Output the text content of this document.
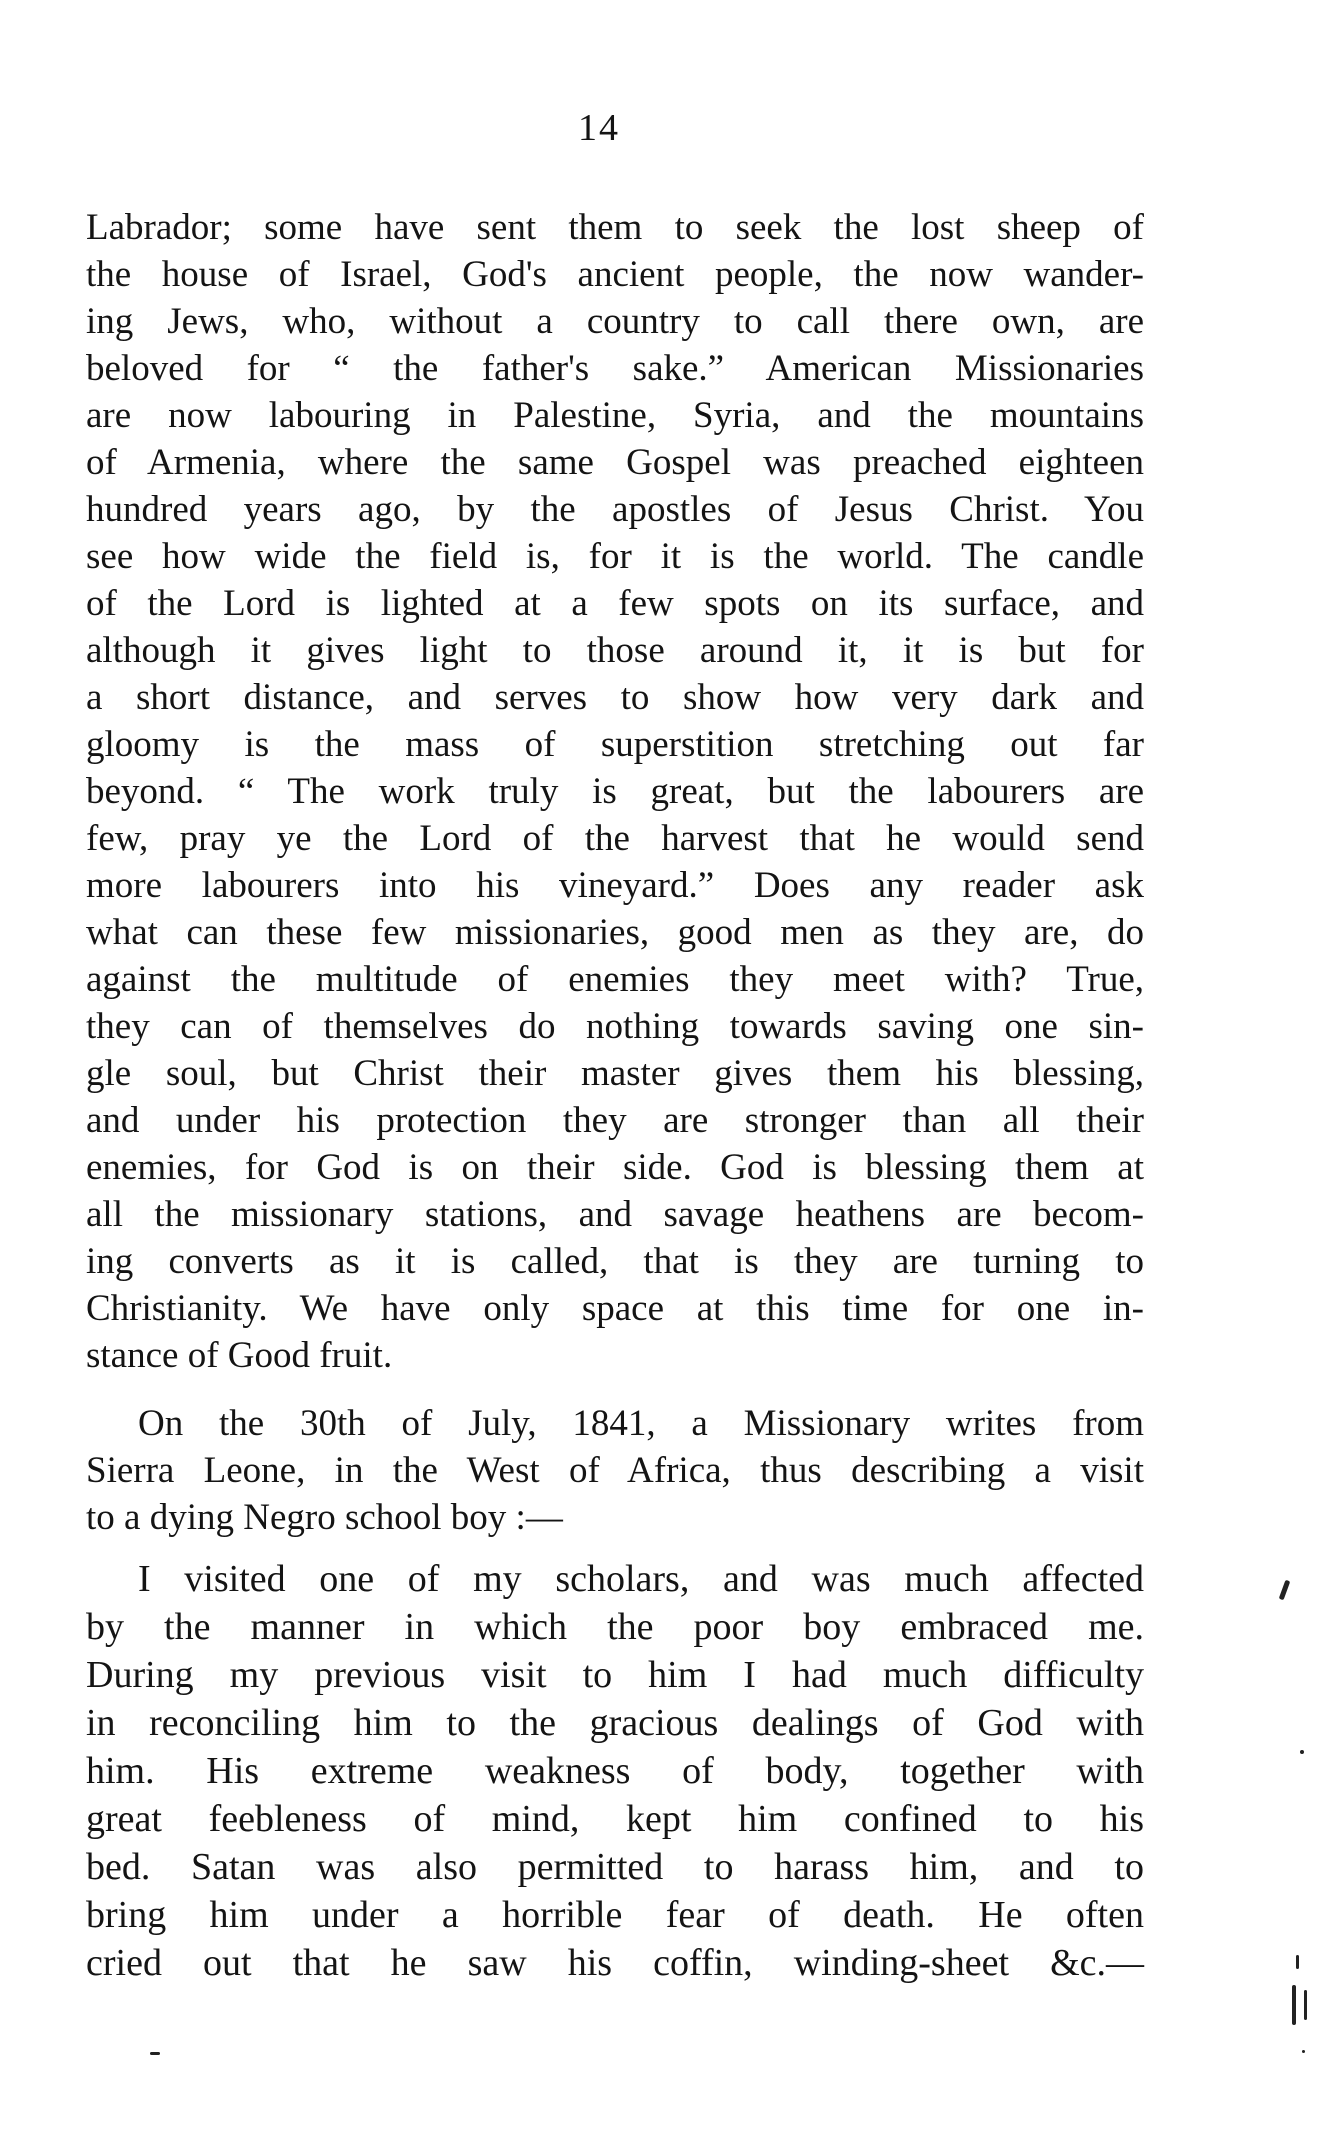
14
Labrador; some have sent them to seek the lost sheep of
the house of Israel, God's ancient people, the now wander-
ing Jews, who, without a country to call there own, are
beloved for “ the father's sake.” American Missionaries
are now labouring in Palestine, Syria, and the mountains
of Armenia, where the same Gospel was preached eighteen
hundred years ago, by the apostles of Jesus Christ. You
see how wide the field is, for it is the world. The candle
of the Lord is lighted at a few spots on its surface, and
although it gives light to those around it, it is but for
a short distance, and serves to show how very dark and
gloomy is the mass of superstition stretching out far
beyond. “ The work truly is great, but the labourers are
few, pray ye the Lord of the harvest that he would send
more labourers into his vineyard.” Does any reader ask
what can these few missionaries, good men as they are, do
against the multitude of enemies they meet with? True,
they can of themselves do nothing towards saving one sin-
gle soul, but Christ their master gives them his blessing,
and under his protection they are stronger than all their
enemies, for God is on their side. God is blessing them at
all the missionary stations, and savage heathens are becom-
ing converts as it is called, that is they are turning to
Christianity. We have only space at this time for one in-
stance of Good fruit.
On the 30th of July, 1841, a Missionary writes from
Sierra Leone, in the West of Africa, thus describing a visit
to a dying Negro school boy :—
I visited one of my scholars, and was much affected
by the manner in which the poor boy embraced me.
During my previous visit to him I had much difficulty
in reconciling him to the gracious dealings of God with
him. His extreme weakness of body, together with
great feebleness of mind, kept him confined to his
bed. Satan was also permitted to harass him, and to
bring him under a horrible fear of death. He often
cried out that he saw his coffin, winding-sheet &c.—
